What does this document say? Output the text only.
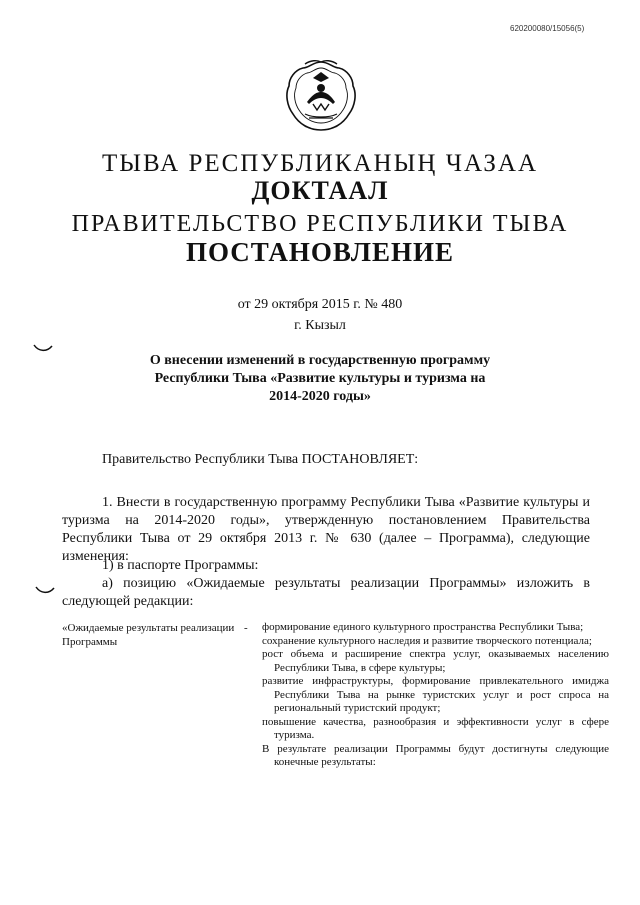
620200080/15056(5)
ТЫВА РЕСПУБЛИКАНЫҢ ЧАЗАА
ДОКТААЛ
ПРАВИТЕЛЬСТВО РЕСПУБЛИКИ ТЫВА
ПОСТАНОВЛЕНИЕ
от 29 октября 2015 г. № 480
г. Кызыл
О внесении изменений в государственную программу Республики Тыва «Развитие культуры и туризма на 2014-2020 годы»
Правительство Республики Тыва ПОСТАНОВЛЯЕТ:
1. Внести в государственную программу Республики Тыва «Развитие культуры и туризма на 2014-2020 годы», утвержденную постановлением Правительства Республики Тыва от 29 октября 2013 г. № 630 (далее – Программа), следующие изменения:
1) в паспорте Программы:
а) позицию «Ожидаемые результаты реализации Программы» изложить в следующей редакции:
«Ожидаемые результаты реализации Программы
- формирование единого культурного пространства Республики Тыва;
сохранение культурного наследия и развитие творческого потенциала;
рост объема и расширение спектра услуг, оказываемых населению Республики Тыва, в сфере культуры;
развитие инфраструктуры, формирование привлекательного имиджа Республики Тыва на рынке туристских услуг и рост спроса на региональный туристский продукт;
повышение качества, разнообразия и эффективности услуг в сфере туризма.
В результате реализации Программы будут достигнуты следующие конечные результаты:
